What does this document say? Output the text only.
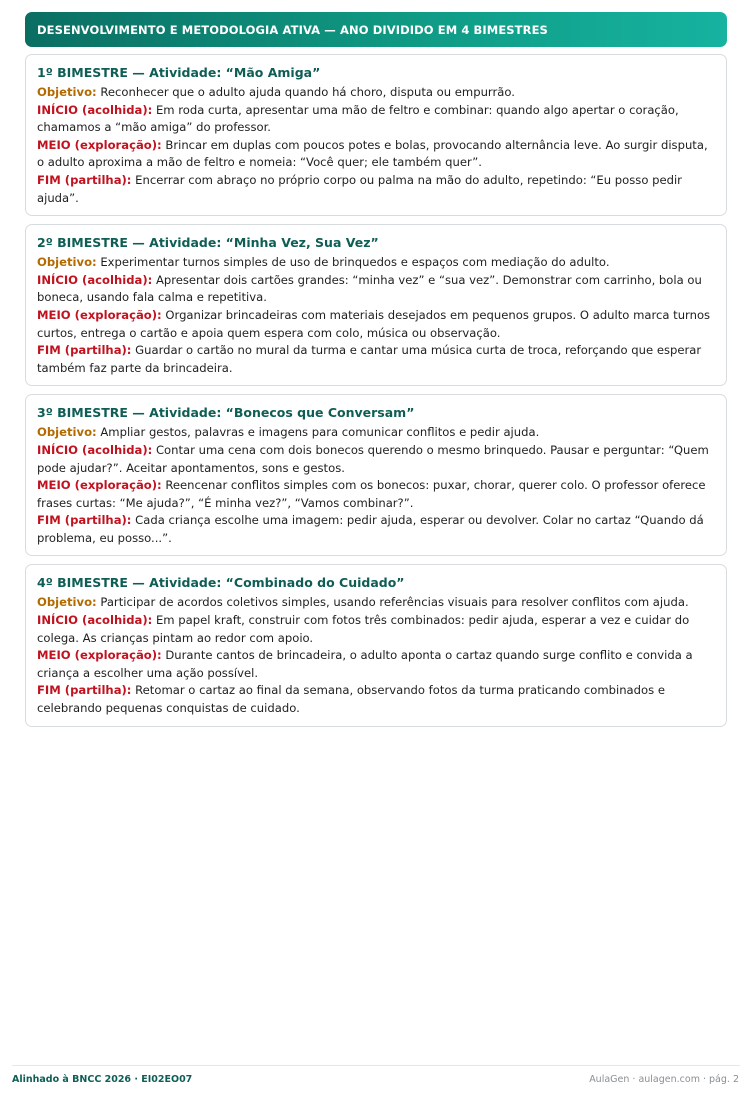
DESENVOLVIMENTO E METODOLOGIA ATIVA — ANO DIVIDIDO EM 4 BIMESTRES
1º BIMESTRE — Atividade: “Mão Amiga”
Objetivo: Reconhecer que o adulto ajuda quando há choro, disputa ou empurrão.
INÍCIO (acolhida): Em roda curta, apresentar uma mão de feltro e combinar: quando algo apertar o coração, chamamos a “mão amiga” do professor.
MEIO (exploração): Brincar em duplas com poucos potes e bolas, provocando alternância leve. Ao surgir disputa, o adulto aproxima a mão de feltro e nomeia: “Você quer; ele também quer”.
FIM (partilha): Encerrar com abraço no próprio corpo ou palma na mão do adulto, repetindo: “Eu posso pedir ajuda”.
2º BIMESTRE — Atividade: “Minha Vez, Sua Vez”
Objetivo: Experimentar turnos simples de uso de brinquedos e espaços com mediação do adulto.
INÍCIO (acolhida): Apresentar dois cartões grandes: “minha vez” e “sua vez”. Demonstrar com carrinho, bola ou boneca, usando fala calma e repetitiva.
MEIO (exploração): Organizar brincadeiras com materiais desejados em pequenos grupos. O adulto marca turnos curtos, entrega o cartão e apoia quem espera com colo, música ou observação.
FIM (partilha): Guardar o cartão no mural da turma e cantar uma música curta de troca, reforçando que esperar também faz parte da brincadeira.
3º BIMESTRE — Atividade: “Bonecos que Conversam”
Objetivo: Ampliar gestos, palavras e imagens para comunicar conflitos e pedir ajuda.
INÍCIO (acolhida): Contar uma cena com dois bonecos querendo o mesmo brinquedo. Pausar e perguntar: “Quem pode ajudar?”. Aceitar apontamentos, sons e gestos.
MEIO (exploração): Reencenar conflitos simples com os bonecos: puxar, chorar, querer colo. O professor oferece frases curtas: “Me ajuda?”, “É minha vez?”, “Vamos combinar?”.
FIM (partilha): Cada criança escolhe uma imagem: pedir ajuda, esperar ou devolver. Colar no cartaz “Quando dá problema, eu posso...”.
4º BIMESTRE — Atividade: “Combinado do Cuidado”
Objetivo: Participar de acordos coletivos simples, usando referências visuais para resolver conflitos com ajuda.
INÍCIO (acolhida): Em papel kraft, construir com fotos três combinados: pedir ajuda, esperar a vez e cuidar do colega. As crianças pintam ao redor com apoio.
MEIO (exploração): Durante cantos de brincadeira, o adulto aponta o cartaz quando surge conflito e convida a criança a escolher uma ação possível.
FIM (partilha): Retomar o cartaz ao final da semana, observando fotos da turma praticando combinados e celebrando pequenas conquistas de cuidado.
Alinhado à BNCC 2026 · EI02EO07	AulaGen · aulagen.com · pág. 2
